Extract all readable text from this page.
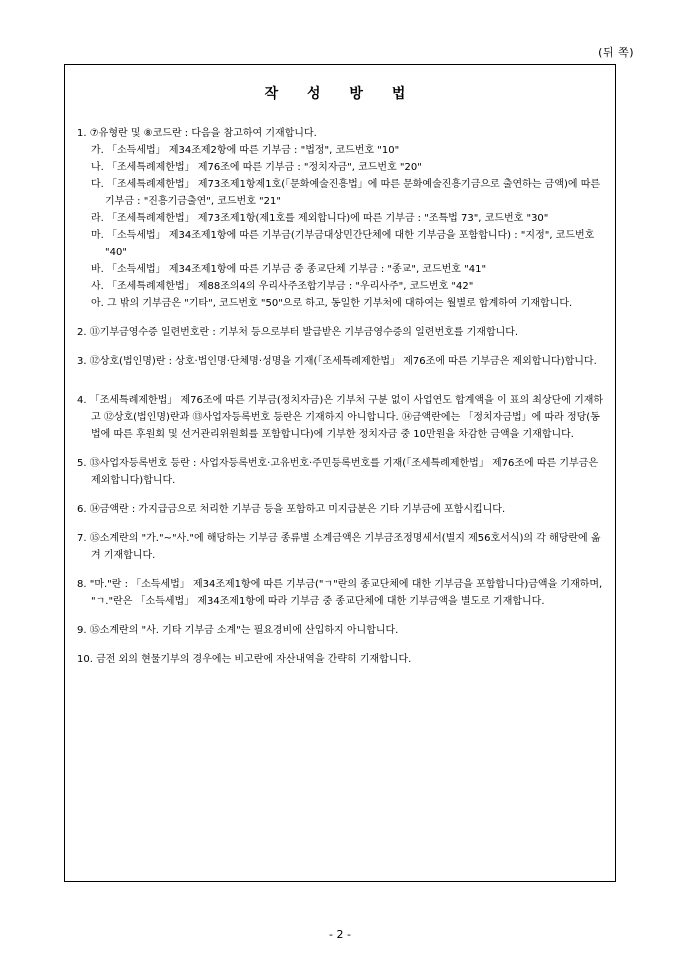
(뒤 쪽)
작 성 방 법

1. ⑦유형란 및 ⑧코드란 : 다음을 참고하여 기재합니다.

가. 「소득세법」 제34조제2항에 따른 기부금 : "법정", 코드번호 "10"

나. 「조세특례제한법」 제76조에 따른 기부금 : "정치자금", 코드번호 "20"

다. 「조세특례제한법」 제73조제1항제1호(「문화예술진흥법」에 따른 문화예술진흥기금으로 출연하는 금액)에 따른 기부금 : "진흥기금출연", 코드번호 "21"

라. 「조세특례제한법」 제73조제1항(제1호를 제외합니다)에 따른 기부금 : "조특법 73", 코드번호 "30"

마. 「소득세법」 제34조제1항에 따른 기부금(기부금대상민간단체에 대한 기부금을 포함합니다) : "지정", 코드번호 "40"

바. 「소득세법」 제34조제1항에 따른 기부금 중 종교단체 기부금 : "종교", 코드번호 "41"

사. 「조세특례제한법」 제88조의4의 우리사주조합기부금 : "우리사주", 코드번호 "42"

아. 그 밖의 기부금은 "기타", 코드번호 "50"으로 하고, 동일한 기부처에 대하여는 월별로 합계하여 기재합니다.

2. ⑪기부금영수증 일련번호란 : 기부처 등으로부터 발급받은 기부금영수증의 일련번호를 기재합니다.

3. ⑫상호(법인명)란 : 상호·법인명·단체명·성명을 기재(「조세특례제한법」 제76조에 따른 기부금은 제외합니다)합니다.

4. 「조세특례제한법」 제76조에 따른 기부금(정치자금)은 기부처 구분 없이 사업연도 합계액을 이 표의 최상단에 기재하고 ⑫상호(법인명)란과 ⑬사업자등록번호 등란은 기재하지 아니합니다. ⑭금액란에는 「정치자금법」에 따라 정당(동법에 따른 후원회 및 선거관리위원회를 포함합니다)에 기부한 정치자금 중 10만원을 차감한 금액을 기재합니다.

5. ⑬사업자등록번호 등란 : 사업자등록번호·고유번호·주민등록번호를 기재(「조세특례제한법」 제76조에 따른 기부금은 제외합니다)합니다.

6. ⑭금액란 : 가지급금으로 처리한 기부금 등을 포함하고 미지급분은 기타 기부금에 포함시킵니다.

7. ⑮소계란의 "가."~"사."에 해당하는 기부금 종류별 소계금액은 기부금조정명세서(별지 제56호서식)의 각 해당란에 옮겨 기재합니다.

8. "마."란 : 「소득세법」 제34조제1항에 따른 기부금("ㄱ"란의 종교단체에 대한 기부금을 포함합니다)금액을 기재하며, "ㄱ."란은 「소득세법」 제34조제1항에 따라 기부금 중 종교단체에 대한 기부금액을 별도로 기재합니다.

9. ⑮소계란의 "사. 기타 기부금 소계"는 필요경비에 산입하지 아니합니다.

10. 금전 외의 현물기부의 경우에는 비고란에 자산내역을 간략히 기재합니다.

- 2 -
